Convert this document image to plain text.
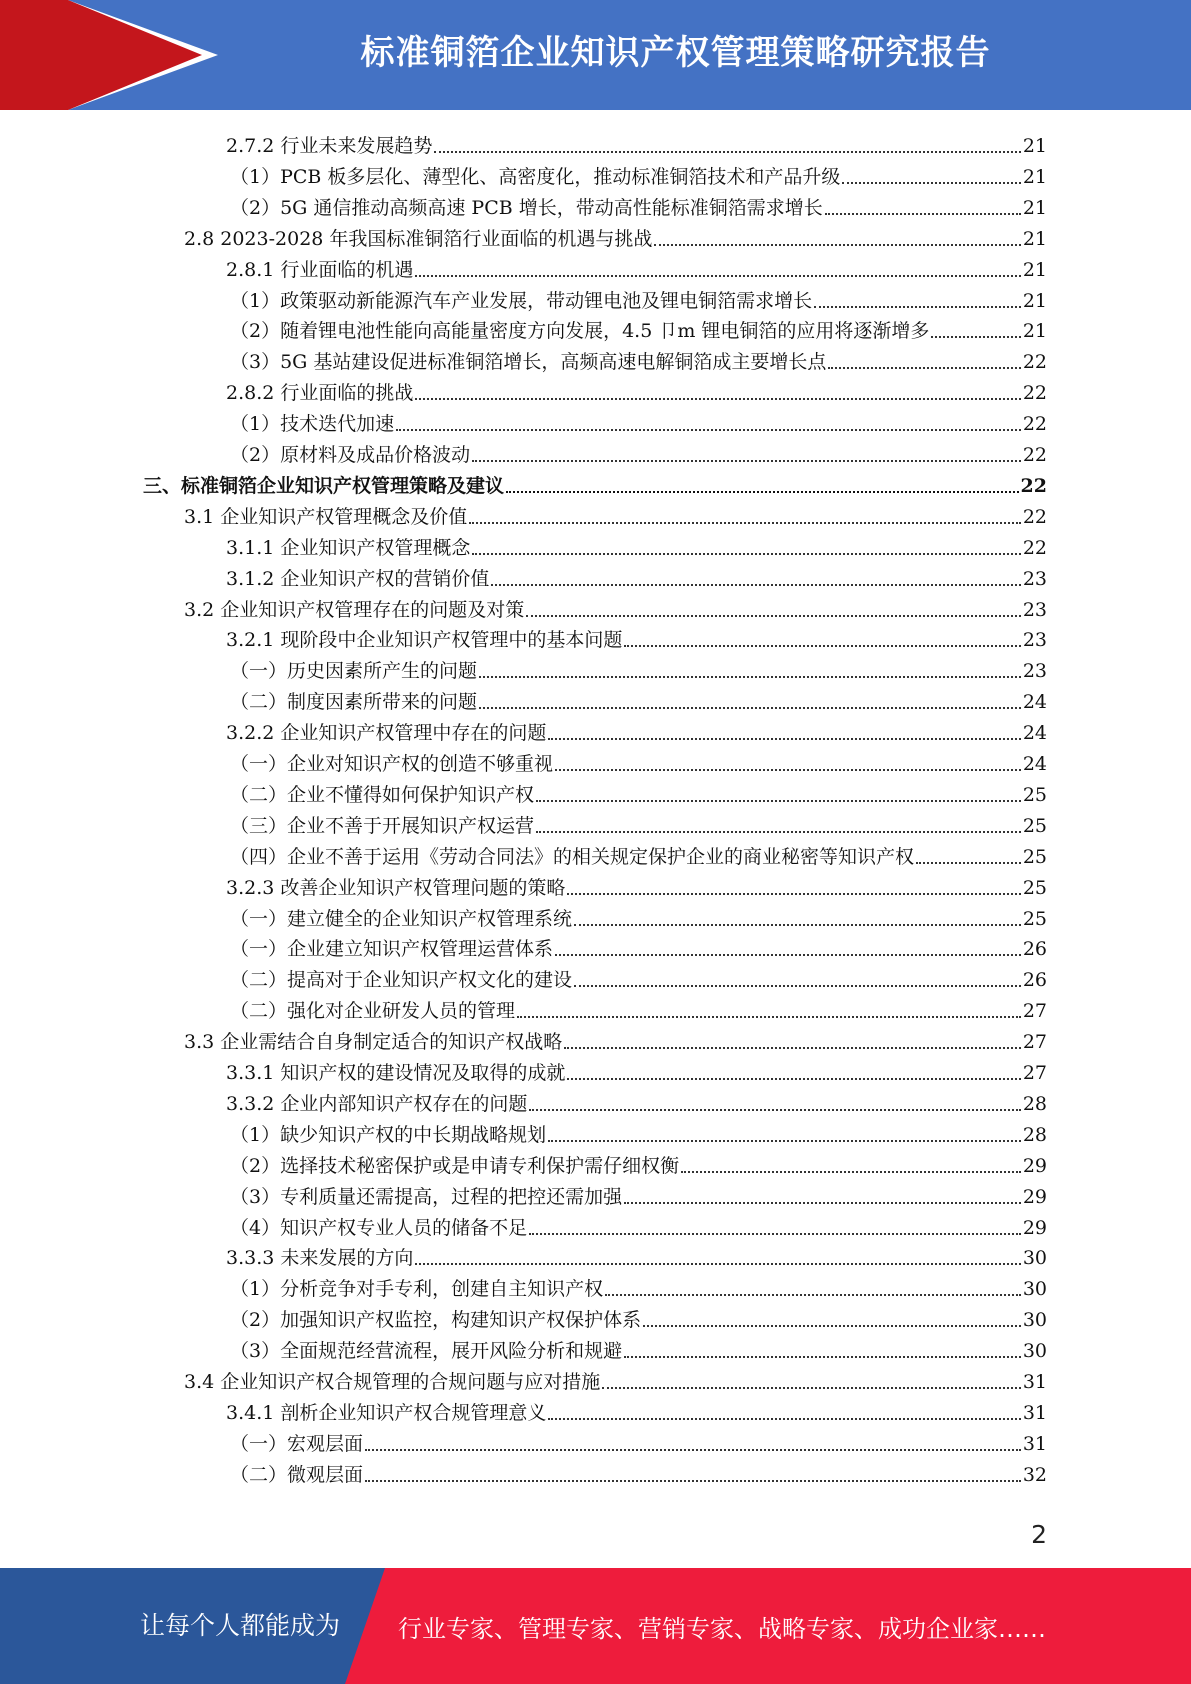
标准铜箔企业知识产权管理策略研究报告
2.7.2 行业未来发展趋势	21
（1）PCB 板多层化、薄型化、高密度化，推动标准铜箔技术和产品升级	21
（2）5G 通信推动高频高速 PCB 增长，带动高性能标准铜箔需求增长	21
2.8 2023-2028 年我国标准铜箔行业面临的机遇与挑战	21
2.8.1 行业面临的机遇	21
（1）政策驱动新能源汽车产业发展，带动锂电池及锂电铜箔需求增长	21
（2）随着锂电池性能向高能量密度方向发展，4.5 卩m 锂电铜箔的应用将逐渐增多	21
（3）5G 基站建设促进标准铜箔增长，高频高速电解铜箔成主要增长点	22
2.8.2 行业面临的挑战	22
（1）技术迭代加速	22
（2）原材料及成品价格波动	22
三、标准铜箔企业知识产权管理策略及建议	22
3.1 企业知识产权管理概念及价值	22
3.1.1 企业知识产权管理概念	22
3.1.2 企业知识产权的营销价值	23
3.2 企业知识产权管理存在的问题及对策	23
3.2.1 现阶段中企业知识产权管理中的基本问题	23
（一）历史因素所产生的问题	23
（二）制度因素所带来的问题	24
3.2.2 企业知识产权管理中存在的问题	24
（一）企业对知识产权的创造不够重视	24
（二）企业不懂得如何保护知识产权	25
（三）企业不善于开展知识产权运营	25
（四）企业不善于运用《劳动合同法》的相关规定保护企业的商业秘密等知识产权	25
3.2.3 改善企业知识产权管理问题的策略	25
（一）建立健全的企业知识产权管理系统	25
（一）企业建立知识产权管理运营体系	26
（二）提高对于企业知识产权文化的建设	26
（二）强化对企业研发人员的管理	27
3.3 企业需结合自身制定适合的知识产权战略	27
3.3.1 知识产权的建设情况及取得的成就	27
3.3.2 企业内部知识产权存在的问题	28
（1）缺少知识产权的中长期战略规划	28
（2）选择技术秘密保护或是申请专利保护需仔细权衡	29
（3）专利质量还需提高，过程的把控还需加强	29
（4）知识产权专业人员的储备不足	29
3.3.3 未来发展的方向	30
（1）分析竞争对手专利，创建自主知识产权	30
（2）加强知识产权监控，构建知识产权保护体系	30
（3）全面规范经营流程，展开风险分析和规避	30
3.4 企业知识产权合规管理的合规问题与应对措施	31
3.4.1 剖析企业知识产权合规管理意义	31
（一）宏观层面	31
（二）微观层面	32
2
让每个人都能成为 行业专家、管理专家、营销专家、战略专家、成功企业家……
